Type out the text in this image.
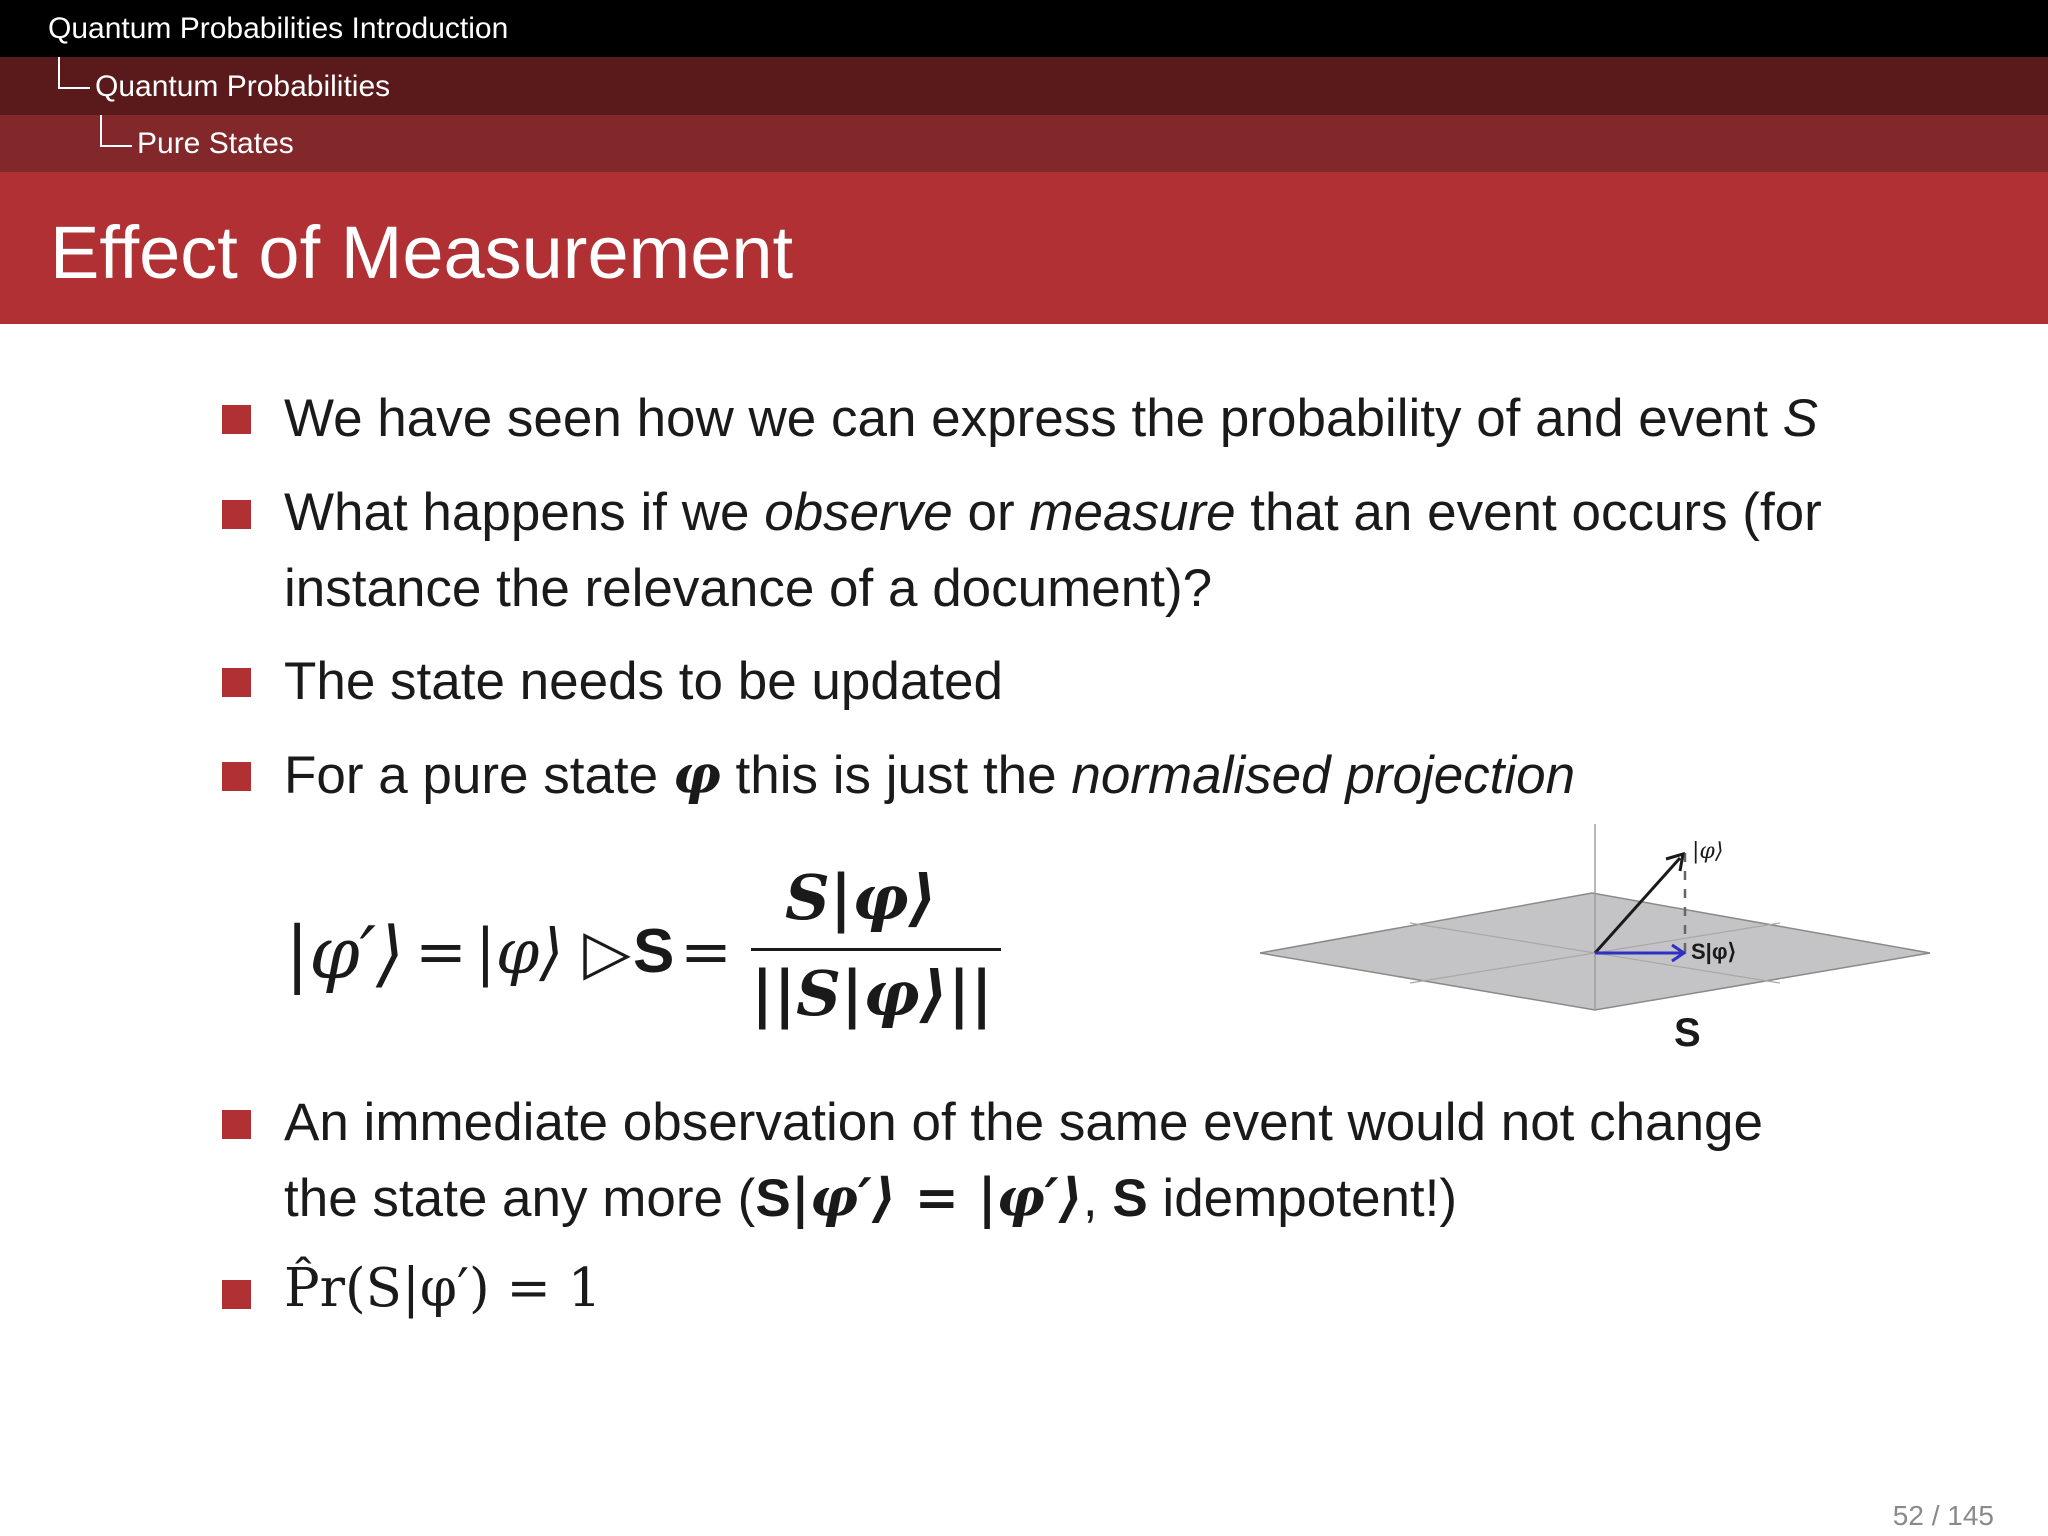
Quantum Probabilities Introduction
Quantum Probabilities
Pure States
Effect of Measurement
We have seen how we can express the probability of and event S
What happens if we observe or measure that an event occurs (for
instance the relevance of a document)?
The state needs to be updated
For a pure state φ this is just the normalised projection
|φ′⟩ = |φ⟩ ▷ S =
S|φ⟩
||S|φ⟩||
|φ⟩
S|φ⟩
S
An immediate observation of the same event would not change
the state any more (S|φ′⟩ = |φ′⟩, S idempotent!)
P̂r(S|φ′) = 1
52 / 145
